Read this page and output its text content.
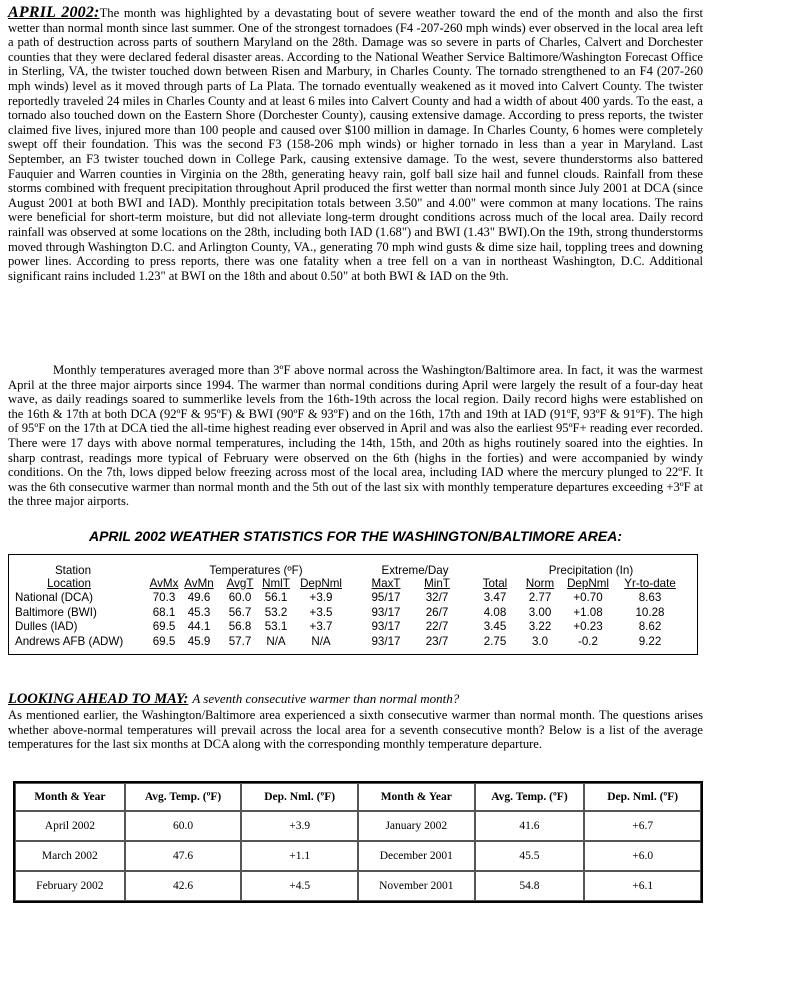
APRIL 2002:The month was highlighted by a devastating bout of severe weather toward the end of the month and also the first wetter than normal month since last summer. One of the strongest tornadoes (F4 -207-260 mph winds) ever observed in the local area left a path of destruction across parts of southern Maryland on the 28th. Damage was so severe in parts of Charles, Calvert and Dorchester counties that they were declared federal disaster areas. According to the National Weather Service Baltimore/Washington Forecast Office in Sterling, VA, the twister touched down between Risen and Marbury, in Charles County. The tornado strengthened to an F4 (207-260 mph winds) level as it moved through parts of La Plata. The tornado eventually weakened as it moved into Calvert County. The twister reportedly traveled 24 miles in Charles County and at least 6 miles into Calvert County and had a width of about 400 yards. To the east, a tornado also touched down on the Eastern Shore (Dorchester County), causing extensive damage. According to press reports, the twister claimed five lives, injured more than 100 people and caused over $100 million in damage. In Charles County, 6 homes were completely swept off their foundation. This was the second F3 (158-206 mph winds) or higher tornado in less than a year in Maryland. Last September, an F3 twister touched down in College Park, causing extensive damage. To the west, severe thunderstorms also battered Fauquier and Warren counties in Virginia on the 28th, generating heavy rain, golf ball size hail and funnel clouds. Rainfall from these storms combined with frequent precipitation throughout April produced the first wetter than normal month since July 2001 at DCA (since August 2001 at both BWI and IAD). Monthly precipitation totals between 3.50" and 4.00" were common at many locations. The rains were beneficial for short-term moisture, but did not alleviate long-term drought conditions across much of the local area. Daily record rainfall was observed at some locations on the 28th, including both IAD (1.68") and BWI (1.43" BWI).On the 19th, strong thunderstorms moved through Washington D.C. and Arlington County, VA., generating 70 mph wind gusts & dime size hail, toppling trees and downing power lines. According to press reports, there was one fatality when a tree fell on a van in northeast Washington, D.C. Additional significant rains included 1.23" at BWI on the 18th and about 0.50" at both BWI & IAD on the 9th.

Monthly temperatures averaged more than 3ºF above normal across the Washington/Baltimore area. In fact, it was the warmest April at the three major airports since 1994. The warmer than normal conditions during April were largely the result of a four-day heat wave, as daily readings soared to summerlike levels from the 16th-19th across the local region. Daily record highs were established on the 16th & 17th at both DCA (92ºF & 95ºF) & BWI (90ºF & 93ºF) and on the 16th, 17th and 19th at IAD (91ºF, 93ºF & 91ºF). The high of 95ºF on the 17th at DCA tied the all-time highest reading ever observed in April and was also the earliest 95ºF+ reading ever recorded. There were 17 days with above normal temperatures, including the 14th, 15th, and 20th as highs routinely soared into the eighties. In sharp contrast, readings more typical of February were observed on the 6th (highs in the forties) and were accompanied by windy conditions. On the 7th, lows dipped below freezing across most of the local area, including IAD where the mercury plunged to 22ºF. It was the 6th consecutive warmer than normal month and the 5th out of the last six with monthly temperature departures exceeding +3ºF at the three major airports.

APRIL 2002 WEATHER STATISTICS FOR THE WASHINGTON/BALTIMORE AREA:
Station	Temperatures (ºF)	Extreme/Day	Precipitation (In)
Location	AvMx AvMn	AvgT NmlT DepNml	MaxT	MinT	Total	Norm	DepNml	Yr-to-date
National (DCA)	70.3	49.6	60.0	56.1	+3.9	95/17	32/7	3.47	2.77	+0.70	8.63
Baltimore (BWI)	68.1	45.3	56.7	53.2	+3.5	93/17	26/7	4.08	3.00	+1.08	10.28
Dulles (IAD)	69.5	44.1	56.8	53.1	+3.7	93/17	22/7	3.45	3.22	+0.23	8.62
Andrews AFB (ADW)	69.5	45.9	57.7	N/A	N/A	93/17	23/7	2.75	3.0	-0.2	9.22
LOOKING AHEAD TO MAY: A seventh consecutive warmer than normal month?

As mentioned earlier, the Washington/Baltimore area experienced a sixth consecutive warmer than normal month. The questions arises whether above-normal temperatures will prevail across the local area for a seventh consecutive month? Below is a list of the average temperatures for the last six months at DCA along with the corresponding monthly temperature departure.

Month & Year	Avg. Temp. (ºF)	Dep. Nml. (ºF)	Month & Year	Avg. Temp. (ºF)	Dep. Nml. (ºF)
April 2002	60.0	+3.9	January 2002	41.6	+6.7
March 2002	47.6	+1.1	December 2001	45.5	+6.0
February 2002	42.6	+4.5	November 2001	54.8	+6.1
